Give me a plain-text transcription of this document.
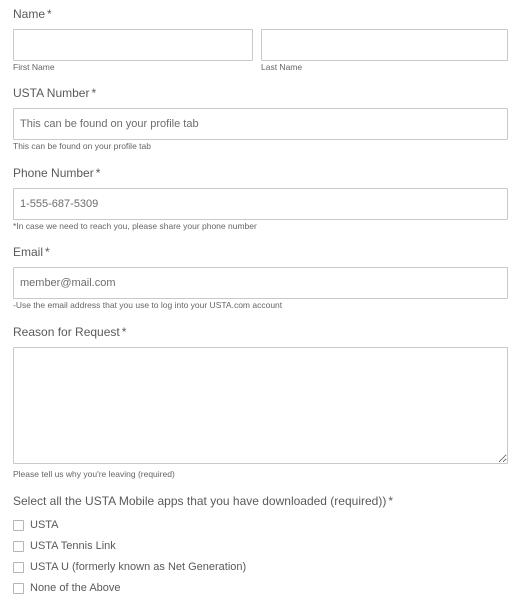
Name *
First Name	Last Name
USTA Number *
This can be found on your profile tab
This can be found on your profile tab
Phone Number *
1-555-687-5309
*In case we need to reach you, please share your phone number
Email *
member@mail.com
-Use the email address that you use to log into your USTA.com account
Reason for Request *
Please tell us why you're leaving (required)
Select all the USTA Mobile apps that you have downloaded (required)) *
USTA
USTA Tennis Link
USTA U (formerly known as Net Generation)
None of the Above
